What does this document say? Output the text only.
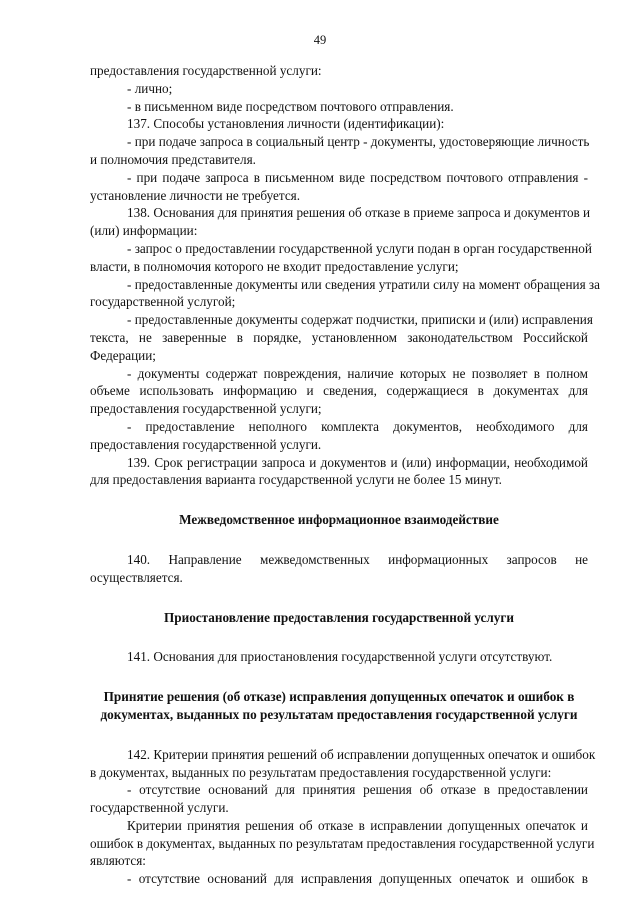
49
предоставления государственной услуги:
- лично;
- в письменном виде посредством почтового отправления.
137. Способы установления личности (идентификации):
- при подаче запроса в социальный центр - документы, удостоверяющие личность
и полномочия представителя.
- при подаче запроса в письменном виде посредством почтового отправления -
установление личности не требуется.
138. Основания для принятия решения об отказе в приеме запроса и документов и
(или) информации:
- запрос о предоставлении государственной услуги подан в орган государственной
власти, в полномочия которого не входит предоставление услуги;
- предоставленные документы или сведения утратили силу на момент обращения за
государственной услугой;
- предоставленные документы содержат подчистки, приписки и (или) исправления
текста, не заверенные в порядке, установленном законодательством Российской
Федерации;
- документы содержат повреждения, наличие которых не позволяет в полном
объеме использовать информацию и сведения, содержащиеся в документах для
предоставления государственной услуги;
- предоставление неполного комплекта документов, необходимого для
предоставления государственной услуги.
139. Срок регистрации запроса и документов и (или) информации, необходимой
для предоставления варианта государственной услуги не более 15 минут.
Межведомственное информационное взаимодействие
140. Направление межведомственных информационных запросов не
осуществляется.
Приостановление предоставления государственной услуги
141. Основания для приостановления государственной услуги отсутствуют.
Принятие решения (об отказе) исправления допущенных опечаток и ошибок в
документах, выданных по результатам предоставления государственной услуги
142. Критерии принятия решений об исправлении допущенных опечаток и ошибок
в документах, выданных по результатам предоставления государственной услуги:
- отсутствие оснований для принятия решения об отказе в предоставлении
государственной услуги.
Критерии принятия решения об отказе в исправлении допущенных опечаток и
ошибок в документах, выданных по результатам предоставления государственной услуги
являются:
- отсутствие оснований для исправления допущенных опечаток и ошибок в
